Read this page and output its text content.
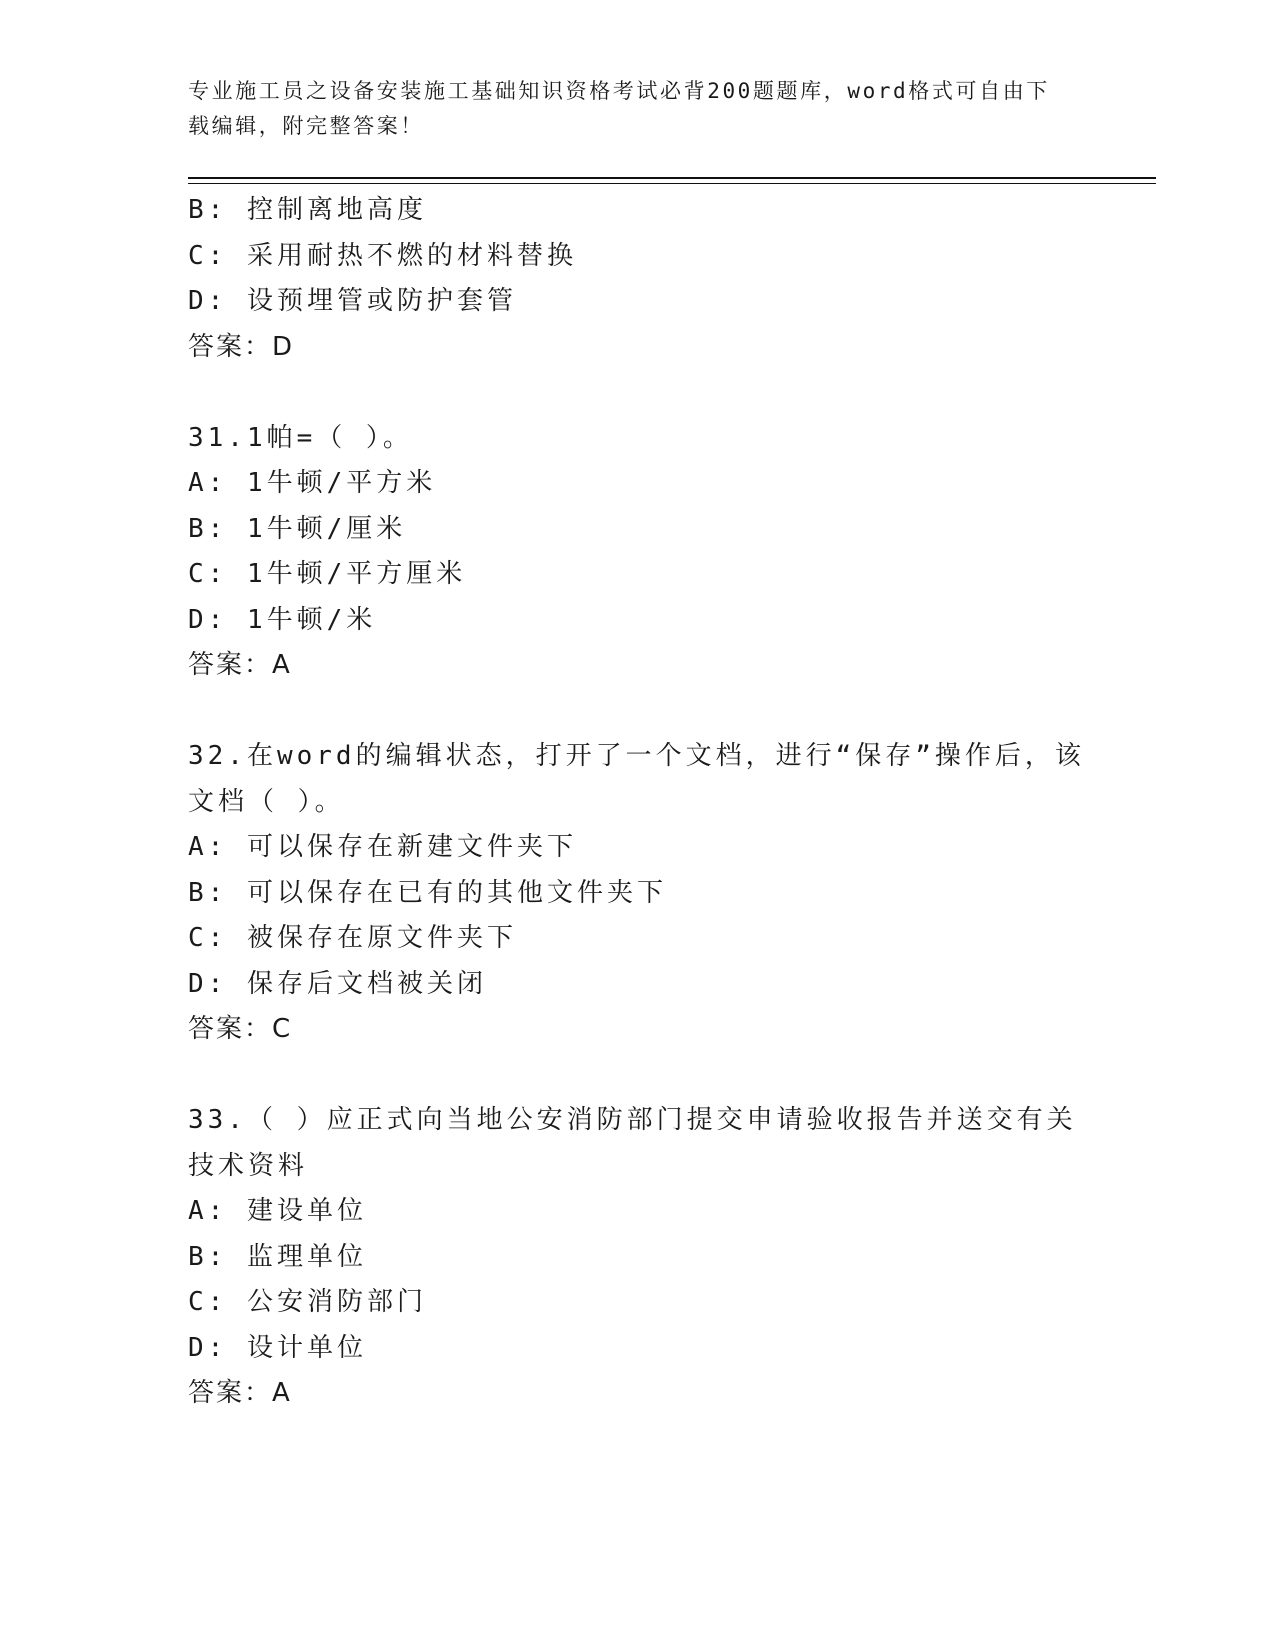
专业施工员之设备安装施工基础知识资格考试必背200题题库，word格式可自由下载编辑，附完整答案！
B: 控制离地高度
C: 采用耐热不燃的材料替换
D: 设预埋管或防护套管
答案：D
31.1帕=（ ）。
A: 1牛顿/平方米
B: 1牛顿/厘米
C: 1牛顿/平方厘米
D: 1牛顿/米
答案：A
32.在word的编辑状态，打开了一个文档，进行“保存”操作后，该文档（ ）。
A: 可以保存在新建文件夹下
B: 可以保存在已有的其他文件夹下
C: 被保存在原文件夹下
D: 保存后文档被关闭
答案：C
33.（ ）应正式向当地公安消防部门提交申请验收报告并送交有关技术资料
A: 建设单位
B: 监理单位
C: 公安消防部门
D: 设计单位
答案：A
